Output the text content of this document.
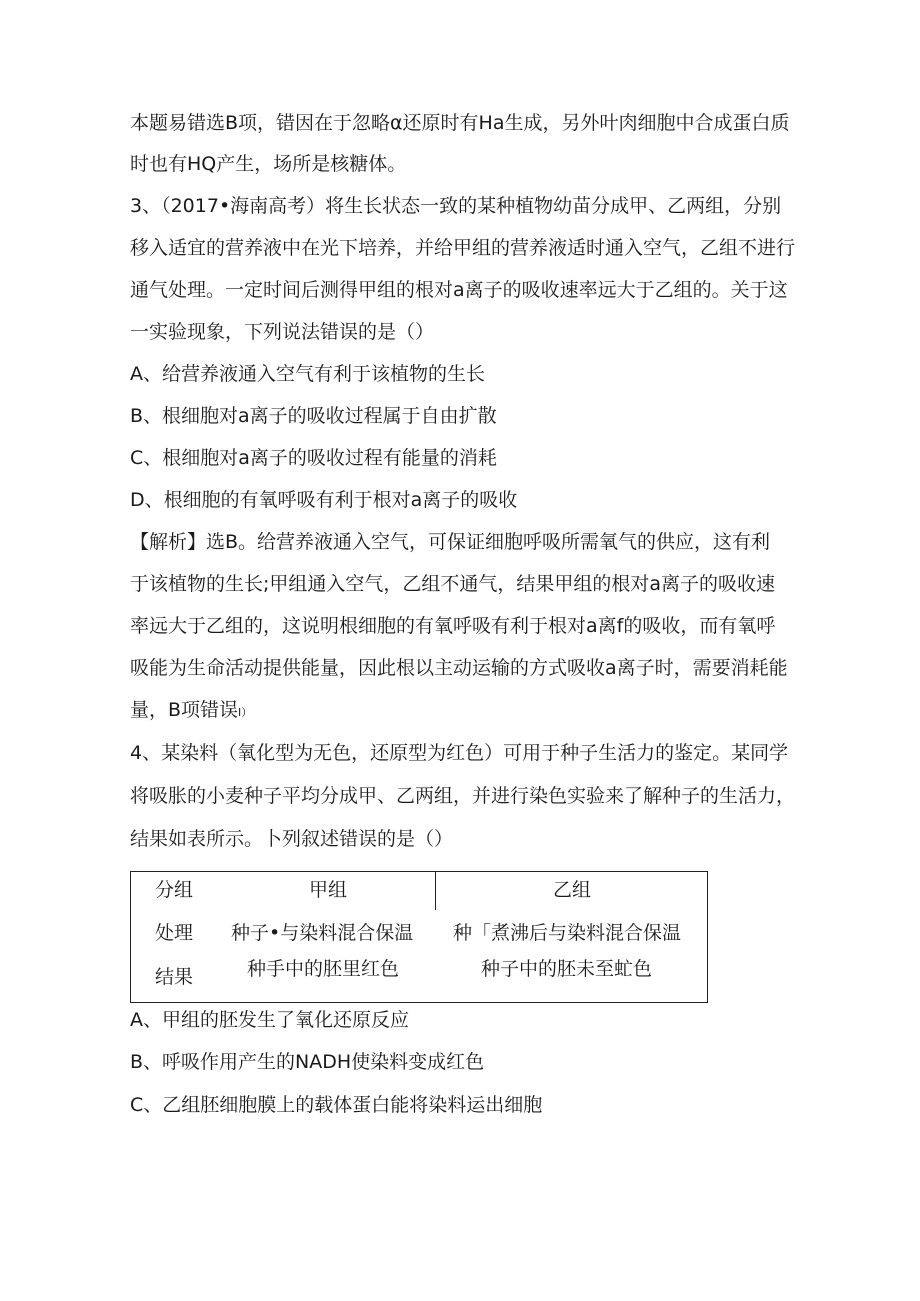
本题易错选B项，错因在于忽略α还原时有Ha生成，另外叶肉细胞中合成蛋白质
时也有HQ产生，场所是核糖体。
3、（2017•海南高考）将生长状态一致的某种植物幼苗分成甲、乙两组，分别
移入适宜的营养液中在光下培养，并给甲组的营养液适时通入空气，乙组不进行
通气处理。一定时间后测得甲组的根对a离子的吸收速率远大于乙组的。关于这
一实验现象，下列说法错误的是（）
A、给营养液通入空气有利于该植物的生长
B、根细胞对a离子的吸收过程属于自由扩散
C、根细胞对a离子的吸收过程有能量的消耗
D、根细胞的有氧呼吸有利于根对a离子的吸收
【解析】选B。给营养液通入空气，可保证细胞呼吸所需氧气的供应，这有利
于该植物的生长;甲组通入空气，乙组不通气，结果甲组的根对a离子的吸收速
率远大于乙组的，这说明根细胞的有氧呼吸有利于根对a离f的吸收，而有氧呼
吸能为生命活动提供能量，因此根以主动运输的方式吸收a离子时，需要消耗能
量，B项错误I）
4、某染料（氧化型为无色，还原型为红色）可用于种子生活力的鉴定。某同学
将吸胀的小麦种子平均分成甲、乙两组，并进行染色实验来了解种子的生活力，
结果如表所示。卜列叙述错误的是（）
分组	甲组	乙组
处理 种子•与染料混合保温 种「煮沸后与染料混合保温
结果	种手中的胚里红色	种子中的胚未至虻色
A、甲组的胚发生了氧化还原反应
B、呼吸作用产生的NADH使染料变成红色
C、乙组胚细胞膜上的载体蛋白能将染料运出细胞
